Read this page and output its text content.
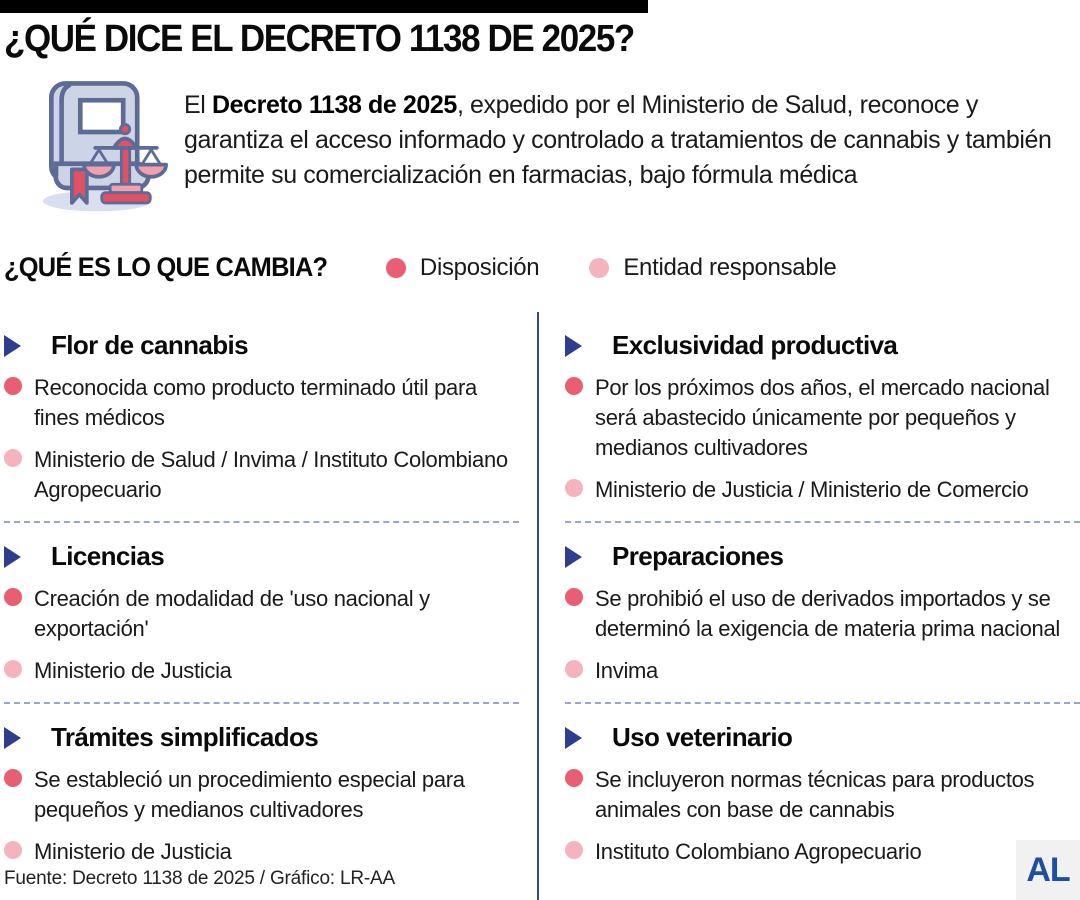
¿QUÉ DICE EL DECRETO 1138 DE 2025?

El Decreto 1138 de 2025, expedido por el Ministerio de Salud, reconoce y garantiza el acceso informado y controlado a tratamientos de cannabis y también permite su comercialización en farmacias, bajo fórmula médica

¿QUÉ ES LO QUE CAMBIA?	Disposición	Entidad responsable
Flor de cannabis

Reconocida como producto terminado útil para fines médicos

Ministerio de Salud / Invima / Instituto Colombiano Agropecuario

Licencias

Creación de modalidad de 'uso nacional y exportación'

Ministerio de Justicia

Trámites simplificados

Se estableció un procedimiento especial para pequeños y medianos cultivadores

Ministerio de Justicia

Exclusividad productiva

Por los próximos dos años, el mercado nacional será abastecido únicamente por pequeños y medianos cultivadores

Ministerio de Justicia / Ministerio de Comercio

Preparaciones

Se prohibió el uso de derivados importados y se determinó la exigencia de materia prima nacional

Invima

Uso veterinario

Se incluyeron normas técnicas para productos animales con base de cannabis

Instituto Colombiano Agropecuario

Fuente: Decreto 1138 de 2025 / Gráfico: LR-AA	AL
